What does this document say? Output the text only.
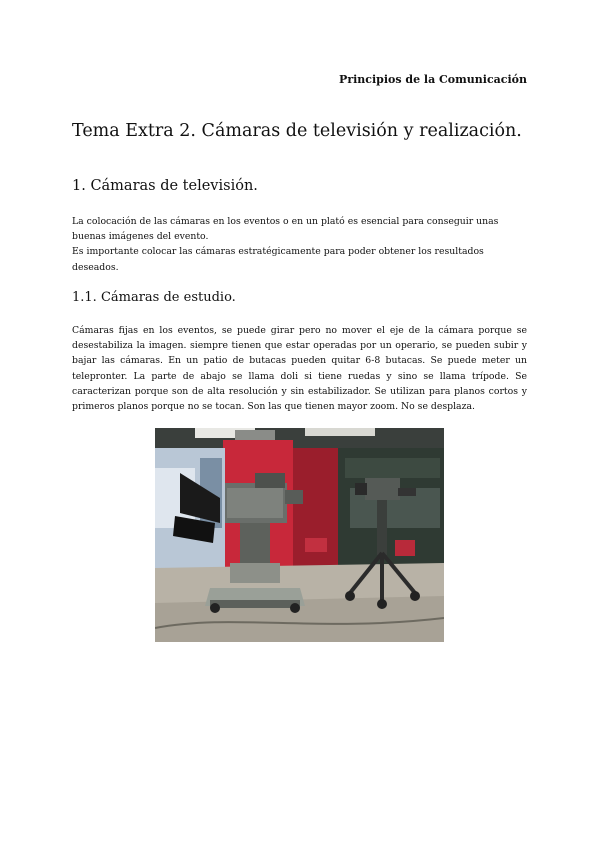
Principios de la Comunicación
Tema Extra 2. Cámaras de televisión y realización.
1. Cámaras de televisión.

La colocación de las cámaras en los eventos o en un plató es esencial para conseguir unas buenas imágenes del evento.
Es importante colocar las cámaras estratégicamente para poder obtener los resultados deseados.

1.1. Cámaras de estudio.

Cámaras fijas en los eventos, se puede girar pero no mover el eje de la cámara porque se desestabiliza la imagen. siempre tienen que estar operadas por un operario, se pueden subir y bajar las cámaras. En un patio de butacas pueden quitar 6-8 butacas. Se puede meter un telepronter. La parte de abajo se llama doli si tiene ruedas y sino se llama trípode. Se caracterizan porque son de alta resolución y sin estabilizador. Se utilizan para planos cortos y primeros planos porque no se tocan. Son las que tienen mayor zoom. No se desplaza.
